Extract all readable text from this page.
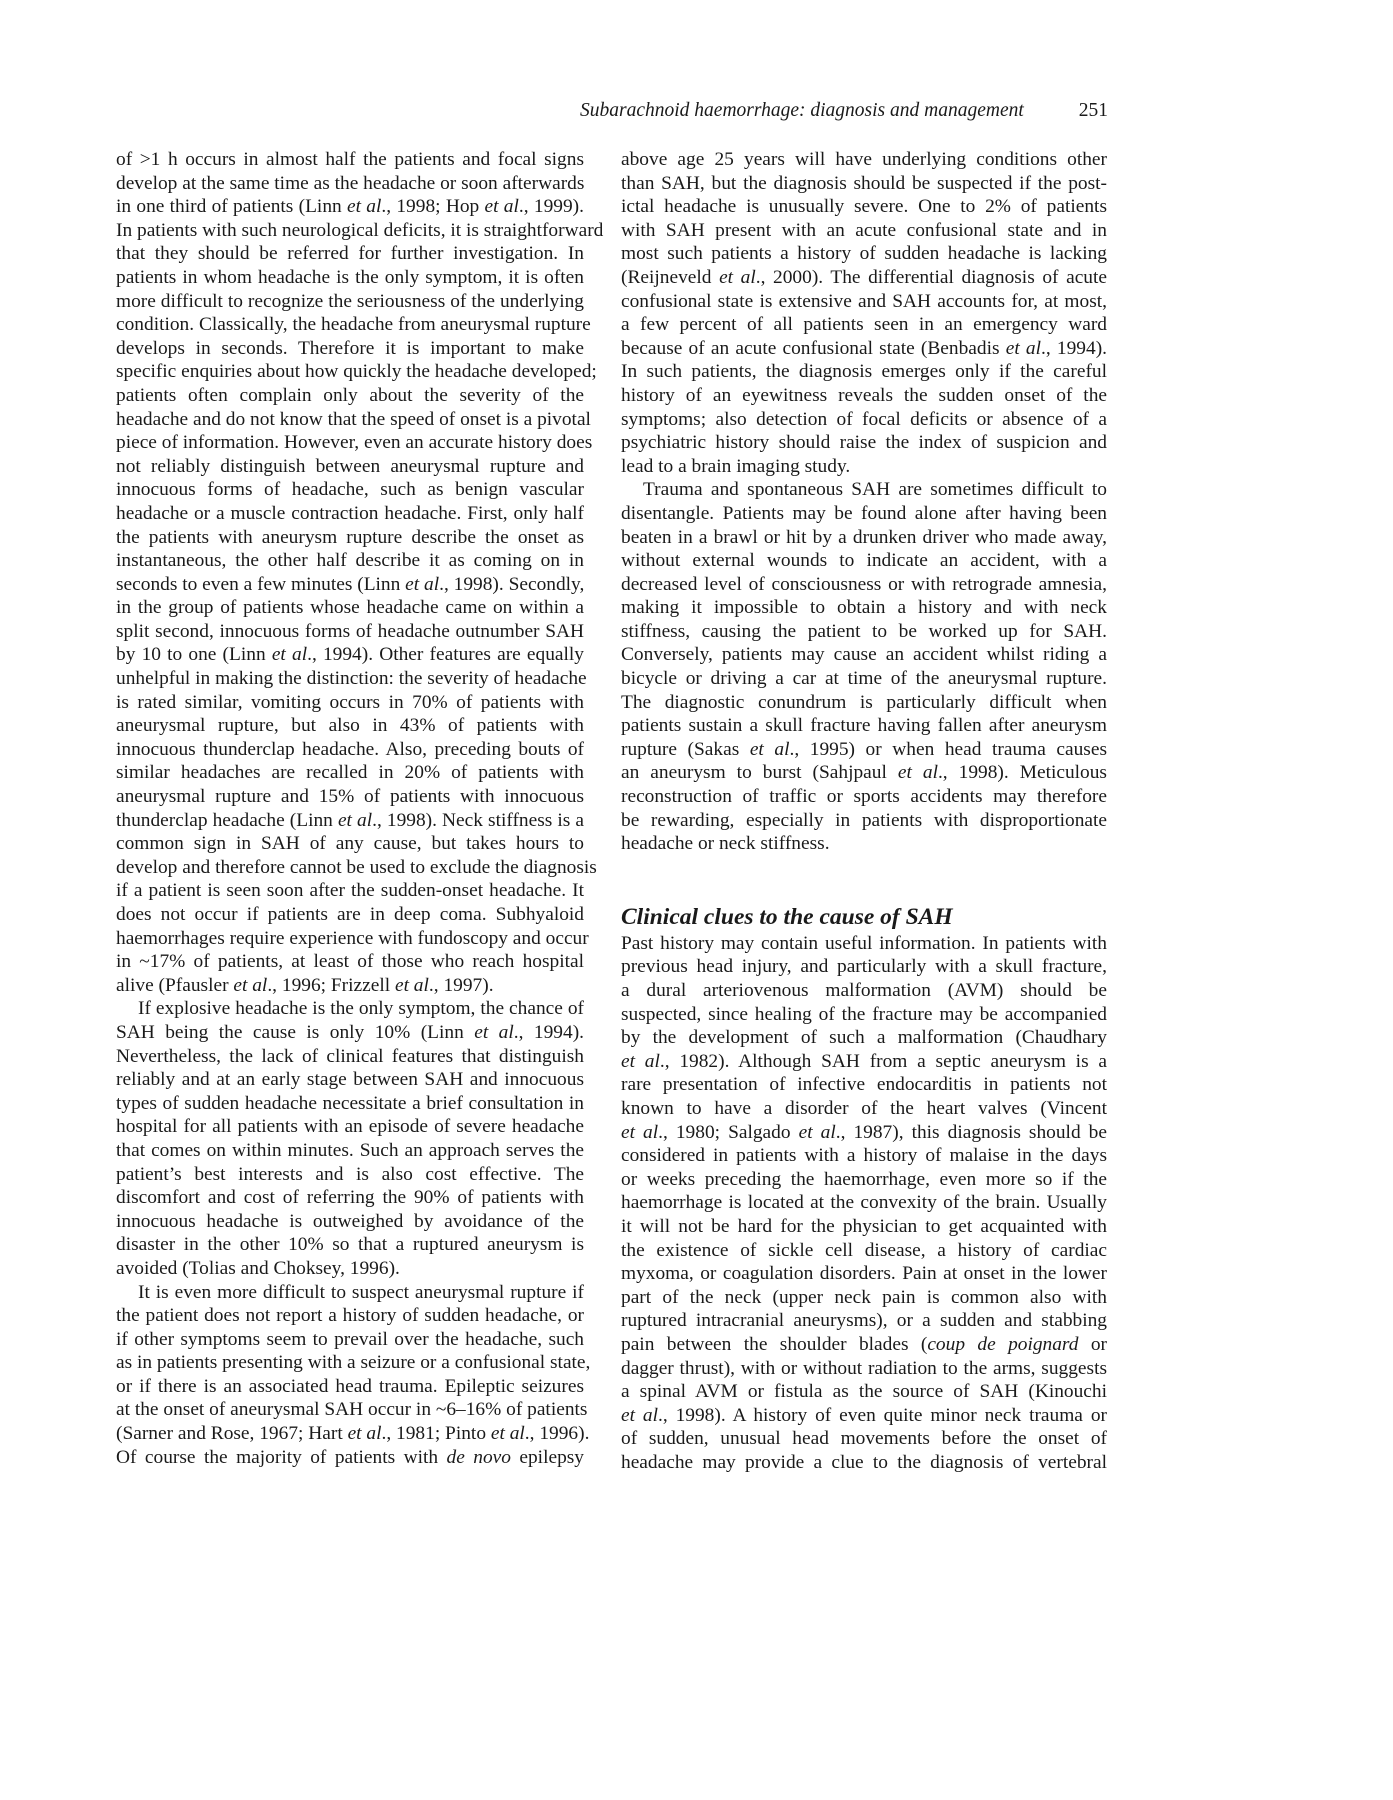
Subarachnoid haemorrhage: diagnosis and management	251
of >1 h occurs in almost half the patients and focal signs
develop at the same time as the headache or soon afterwards
in one third of patients (Linn et al., 1998; Hop et al., 1999).
In patients with such neurological deficits, it is straightforward
that they should be referred for further investigation. In
patients in whom headache is the only symptom, it is often
more difficult to recognize the seriousness of the underlying
condition. Classically, the headache from aneurysmal rupture
develops in seconds. Therefore it is important to make
specific enquiries about how quickly the headache developed;
patients often complain only about the severity of the
headache and do not know that the speed of onset is a pivotal
piece of information. However, even an accurate history does
not reliably distinguish between aneurysmal rupture and
innocuous forms of headache, such as benign vascular
headache or a muscle contraction headache. First, only half
the patients with aneurysm rupture describe the onset as
instantaneous, the other half describe it as coming on in
seconds to even a few minutes (Linn et al., 1998). Secondly,
in the group of patients whose headache came on within a
split second, innocuous forms of headache outnumber SAH
by 10 to one (Linn et al., 1994). Other features are equally
unhelpful in making the distinction: the severity of headache
is rated similar, vomiting occurs in 70% of patients with
aneurysmal rupture, but also in 43% of patients with
innocuous thunderclap headache. Also, preceding bouts of
similar headaches are recalled in 20% of patients with
aneurysmal rupture and 15% of patients with innocuous
thunderclap headache (Linn et al., 1998). Neck stiffness is a
common sign in SAH of any cause, but takes hours to
develop and therefore cannot be used to exclude the diagnosis
if a patient is seen soon after the sudden-onset headache. It
does not occur if patients are in deep coma. Subhyaloid
haemorrhages require experience with fundoscopy and occur
in ~17% of patients, at least of those who reach hospital
alive (Pfausler et al., 1996; Frizzell et al., 1997).
If explosive headache is the only symptom, the chance of
SAH being the cause is only 10% (Linn et al., 1994).
Nevertheless, the lack of clinical features that distinguish
reliably and at an early stage between SAH and innocuous
types of sudden headache necessitate a brief consultation in
hospital for all patients with an episode of severe headache
that comes on within minutes. Such an approach serves the
patient’s best interests and is also cost effective. The
discomfort and cost of referring the 90% of patients with
innocuous headache is outweighed by avoidance of the
disaster in the other 10% so that a ruptured aneurysm is
avoided (Tolias and Choksey, 1996).
It is even more difficult to suspect aneurysmal rupture if
the patient does not report a history of sudden headache, or
if other symptoms seem to prevail over the headache, such
as in patients presenting with a seizure or a confusional state,
or if there is an associated head trauma. Epileptic seizures
at the onset of aneurysmal SAH occur in ~6–16% of patients
(Sarner and Rose, 1967; Hart et al., 1981; Pinto et al., 1996).
Of course the majority of patients with de novo epilepsy
above age 25 years will have underlying conditions other
than SAH, but the diagnosis should be suspected if the post-
ictal headache is unusually severe. One to 2% of patients
with SAH present with an acute confusional state and in
most such patients a history of sudden headache is lacking
(Reijneveld et al., 2000). The differential diagnosis of acute
confusional state is extensive and SAH accounts for, at most,
a few percent of all patients seen in an emergency ward
because of an acute confusional state (Benbadis et al., 1994).
In such patients, the diagnosis emerges only if the careful
history of an eyewitness reveals the sudden onset of the
symptoms; also detection of focal deficits or absence of a
psychiatric history should raise the index of suspicion and
lead to a brain imaging study.
Trauma and spontaneous SAH are sometimes difficult to
disentangle. Patients may be found alone after having been
beaten in a brawl or hit by a drunken driver who made away,
without external wounds to indicate an accident, with a
decreased level of consciousness or with retrograde amnesia,
making it impossible to obtain a history and with neck
stiffness, causing the patient to be worked up for SAH.
Conversely, patients may cause an accident whilst riding a
bicycle or driving a car at time of the aneurysmal rupture.
The diagnostic conundrum is particularly difficult when
patients sustain a skull fracture having fallen after aneurysm
rupture (Sakas et al., 1995) or when head trauma causes
an aneurysm to burst (Sahjpaul et al., 1998). Meticulous
reconstruction of traffic or sports accidents may therefore
be rewarding, especially in patients with disproportionate
headache or neck stiffness.
Clinical clues to the cause of SAH
Past history may contain useful information. In patients with
previous head injury, and particularly with a skull fracture,
a dural arteriovenous malformation (AVM) should be
suspected, since healing of the fracture may be accompanied
by the development of such a malformation (Chaudhary
et al., 1982). Although SAH from a septic aneurysm is a
rare presentation of infective endocarditis in patients not
known to have a disorder of the heart valves (Vincent
et al., 1980; Salgado et al., 1987), this diagnosis should be
considered in patients with a history of malaise in the days
or weeks preceding the haemorrhage, even more so if the
haemorrhage is located at the convexity of the brain. Usually
it will not be hard for the physician to get acquainted with
the existence of sickle cell disease, a history of cardiac
myxoma, or coagulation disorders. Pain at onset in the lower
part of the neck (upper neck pain is common also with
ruptured intracranial aneurysms), or a sudden and stabbing
pain between the shoulder blades (coup de poignard or
dagger thrust), with or without radiation to the arms, suggests
a spinal AVM or fistula as the source of SAH (Kinouchi
et al., 1998). A history of even quite minor neck trauma or
of sudden, unusual head movements before the onset of
headache may provide a clue to the diagnosis of vertebral
